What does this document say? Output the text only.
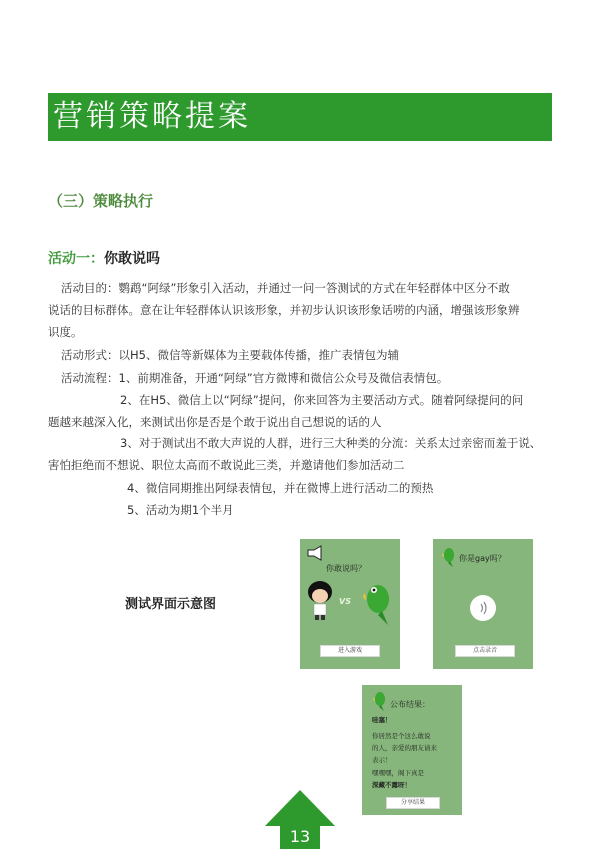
营销策略提案
（三）策略执行
活动一：你敢说吗
活动目的：鹦鹉“阿绿”形象引入活动，并通过一问一答测试的方式在年轻群体中区分不敢
说话的目标群体。意在让年轻群体认识该形象，并初步认识该形象话唠的内涵，增强该形象辨
识度。
活动形式：以H5、微信等新媒体为主要载体传播，推广表情包为辅
活动流程：1、前期准备，开通“阿绿”官方微博和微信公众号及微信表情包。
2、在H5、微信上以“阿绿”提问，你来回答为主要活动方式。随着阿绿提问的问
题越来越深入化，来测试出你是否是个敢于说出自己想说的话的人
3、对于测试出不敢大声说的人群，进行三大种类的分流：关系太过亲密而羞于说、
害怕拒绝而不想说、职位太高而不敢说此三类，并邀请他们参加活动二
4、微信同期推出阿绿表情包，并在微博上进行活动二的预热
5、活动为期1个半月
测试界面示意图
你敢说吗？
VS
进入游戏
你是gay吗？
点击录音
公布结果：
哇塞！
你居然是个这么敢说
的人，亲爱的朋友请来
表示！
嘿嘿嘿，阁下真是
深藏不露呀！
分享结果
13
